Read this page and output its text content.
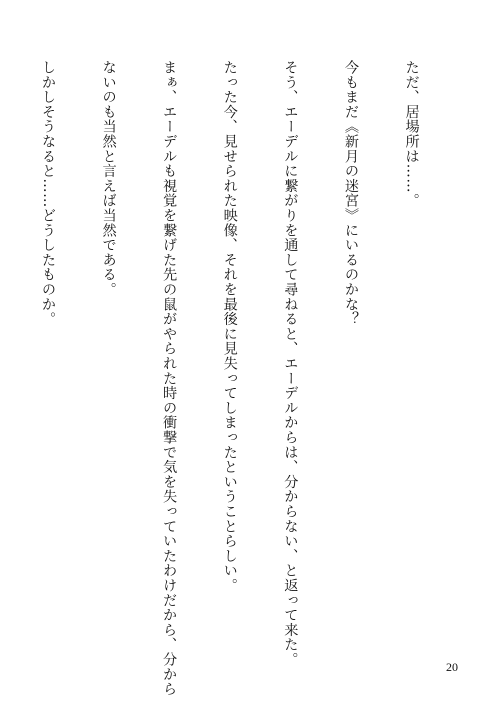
ただ、居場所は……。

今もまだ《新月の迷宮》にいるのかな？

そう、エーデルに繋がりを通して尋ねると、エーデルからは、分からない、と返って来た。

たった今、見せられた映像、それを最後に見失ってしまったということらしい。

まぁ、エーデルも視覚を繋げた先の鼠がやられた時の衝撃で気を失っていたわけだから、分から

ないのも当然と言えば当然である。

しかしそうなると……どうしたものか。

20
